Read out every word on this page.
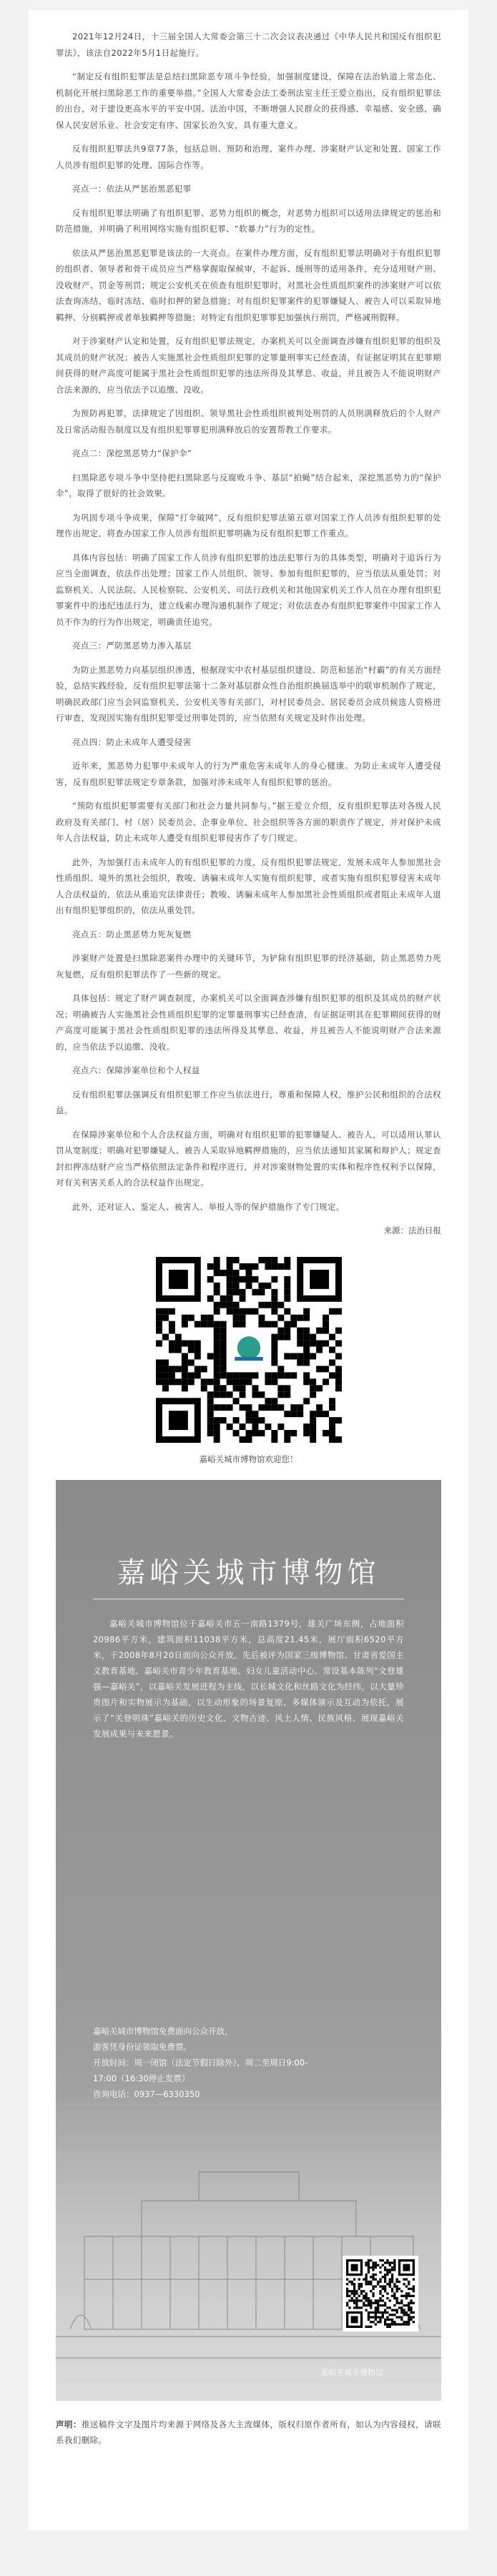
2021年12月24日，十三届全国人大常委会第三十二次会议表决通过《中华人民共和国反有组织犯罪法》，该法自2022年5月1日起施行。

“制定反有组织犯罪法是总结扫黑除恶专项斗争经验，加强制度建设，保障在法治轨道上常态化、机制化开展扫黑除恶工作的重要举措。”全国人大常委会法工委刑法室主任王爱立指出，反有组织犯罪法的出台，对于建设更高水平的平安中国、法治中国，不断增强人民群众的获得感、幸福感、安全感，确保人民安居乐业、社会安定有序、国家长治久安，具有重大意义。

反有组织犯罪法共9章77条，包括总则、预防和治理、案件办理、涉案财产认定和处置、国家工作人员涉有组织犯罪的处理、国际合作等。

亮点一：依法从严惩治黑恶犯罪

反有组织犯罪法明确了有组织犯罪、恶势力组织的概念，对恶势力组织可以适用法律规定的惩治和防范措施，并明确了利用网络实施有组织犯罪、“软暴力”行为的定性。

依法从严惩治黑恶犯罪是该法的一大亮点。在案件办理方面，反有组织犯罪法明确对于有组织犯罪的组织者、领导者和骨干成员应当严格掌握取保候审，不起诉、缓刑等的适用条件，充分适用财产刑、没收财产、罚金等刑罚；规定公安机关在侦查有组织犯罪时，对黑社会性质组织案件的涉案财产可以依法查询冻结，临时冻结、临时扣押的紧急措施；对有组织犯罪案件的犯罪嫌疑人、被告人可以采取异地羁押、分别羁押或者单独羁押等措施；对特定有组织犯罪罪犯加强执行刑罚，严格减刑假释。

对于涉案财产认定和处置，反有组织犯罪法规定，办案机关可以全面调查涉嫌有组织犯罪的组织及其成员的财产状况；被告人实施黑社会性质组织犯罪的定罪量刑事实已经查清，有证据证明其在犯罪期间获得的财产高度可能属于黑社会性质组织犯罪的违法所得及其孳息、收益，并且被告人不能说明财产合法来源的，应当依法予以追缴、没收。

为预防再犯罪，法律规定了因组织、领导黑社会性质组织被判处刑罚的人员刑满释放后的个人财产及日常活动报告制度以及有组织犯罪罪犯刑满释放后的安置帮教工作要求。

亮点二：深挖黑恶势力“保护伞”

扫黑除恶专项斗争中坚持把扫黑除恶与反腐败斗争、基层“拍蝇”结合起来，深挖黑恶势力的“保护伞”，取得了很好的社会效果。

为巩固专项斗争成果，保障“打伞破网”，反有组织犯罪法第五章对国家工作人员涉有组织犯罪的处理作出规定，将查办国家工作人员涉有组织犯罪明确为反有组织犯罪工作重点。

具体内容包括：明确了国家工作人员涉有组织犯罪的违法犯罪行为的具体类型，明确对于追诉行为应当全面调查，依法作出处理；国家工作人员组织、领导、参加有组织犯罪的，应当依法从重处罚；对监察机关、人民法院、人民检察院、公安机关、司法行政机关和其他国家机关工作人员在办理有组织犯罪案件中的违纪违法行为，建立线索办理沟通机制作了规定；对依法查办有组织犯罪案件中国家工作人员不作为的行为作出规定，明确责任追究。

亮点三：严防黑恶势力渗入基层

为防止黑恶势力向基层组织渗透，根据现实中农村基层组织建设、防范和惩治“村霸”的有关方面经验，总结实践经验，反有组织犯罪法第十二条对基层群众性自治组织换届选举中的联审机制作了规定，明确民政部门应当会同监察机关、公安机关等有关部门，对村民委员会、居民委员会成员候选人资格进行审查，发现因实施有组织犯罪受过刑事处罚的，应当依照有关规定及时作出处理。

亮点四：防止未成年人遭受侵害

近年来，黑恶势力犯罪中未成年人的行为严重危害未成年人的身心健康。为防止未成年人遭受侵害，反有组织犯罪法规定专章条款，加强对涉未成年人有组织犯罪的惩治。

“预防有组织犯罪需要有关部门和社会力量共同参与。”据王爱立介绍，反有组织犯罪法对各级人民政府及有关部门、村（居）民委员会、企事业单位、社会组织等各方面的职责作了规定，并对保护未成年人合法权益，防止未成年人遭受有组织犯罪侵害作了专门规定。

此外，为加强打击未成年人的有组织犯罪的力度，反有组织犯罪法规定，发展未成年人参加黑社会性质组织、境外的黑社会组织，教唆、诱骗未成年人实施有组织犯罪，或者实施有组织犯罪侵害未成年人合法权益的，依法从重追究法律责任；教唆、诱骗未成年人参加黑社会性质组织或者阻止未成年人退出有组织犯罪组织的，依法从重处罚。

亮点五：防止黑恶势力死灰复燃

涉案财产处置是扫黑除恶案件办理中的关键环节，为铲除有组织犯罪的经济基础，防止黑恶势力死灰复燃，反有组织犯罪法作了一些新的规定。

具体包括：规定了财产调查制度，办案机关可以全面调查涉嫌有组织犯罪的组织及其成员的财产状况；明确被告人实施黑社会性质组织犯罪的定罪量刑事实已经查清，有证据证明其在犯罪期间获得的财产高度可能属于黑社会性质组织犯罪的违法所得及其孳息、收益，并且被告人不能说明财产合法来源的，应当依法予以追缴、没收。

亮点六：保障涉案单位和个人权益

反有组织犯罪法强调反有组织犯罪工作应当依法进行，尊重和保障人权，维护公民和组织的合法权益。

在保障涉案单位和个人合法权益方面，明确对有组织犯罪的犯罪嫌疑人、被告人，可以适用认罪认罚从宽制度；明确对犯罪嫌疑人、被告人采取异地羁押措施的，应当依法通知其家属和辩护人；规定查封扣押冻结财产应当严格依照法定条件和程序进行，并对涉案财物处置的实体和程序性权利予以保障，对有关利害关系人的合法权益作出规定。

此外，还对证人、鉴定人、被害人、举报人等的保护措施作了专门规定。

来源：法治日报
嘉峪关城市博物馆欢迎您！
嘉峪关城市博物馆
嘉峪关城市博物馆位于嘉峪关市五一南路1379号，雄关广场东侧，占地面积20986平方米，建筑面积11038平方米，总高度21.45米，展厅面积6520平方米，于2008年8月20日面向公众开放。先后被评为国家三级博物馆、甘肃省爱国主义教育基地、嘉峪关市青少年教育基地、妇女儿童活动中心、常设基本陈列“文登雄强—嘉峪关”，以嘉峪关发展进程为主线，以长城文化和丝路文化为经纬，以大量珍贵图片和实物展示为基础，以生动形象的场景复原、多媒体演示及互动为依托，展示了“关登明珠”嘉峪关的历史文化、文物古迹、风土人情、民族风格、展现嘉峪关发展成果与未来愿景。
嘉峪关城市博物馆免费面向公众开放，
游客凭身份证领取免费票。
开放时间：周一闭馆（法定节假日除外），周二至周日9:00-17:00（16:30停止发票）
咨询电话：0937—6330350
嘉峪关城市博物馆
声明：推送稿件文字及图片均来源于网络及各大主流媒体，版权归原作者所有，如认为内容侵权，请联系我们删除。
